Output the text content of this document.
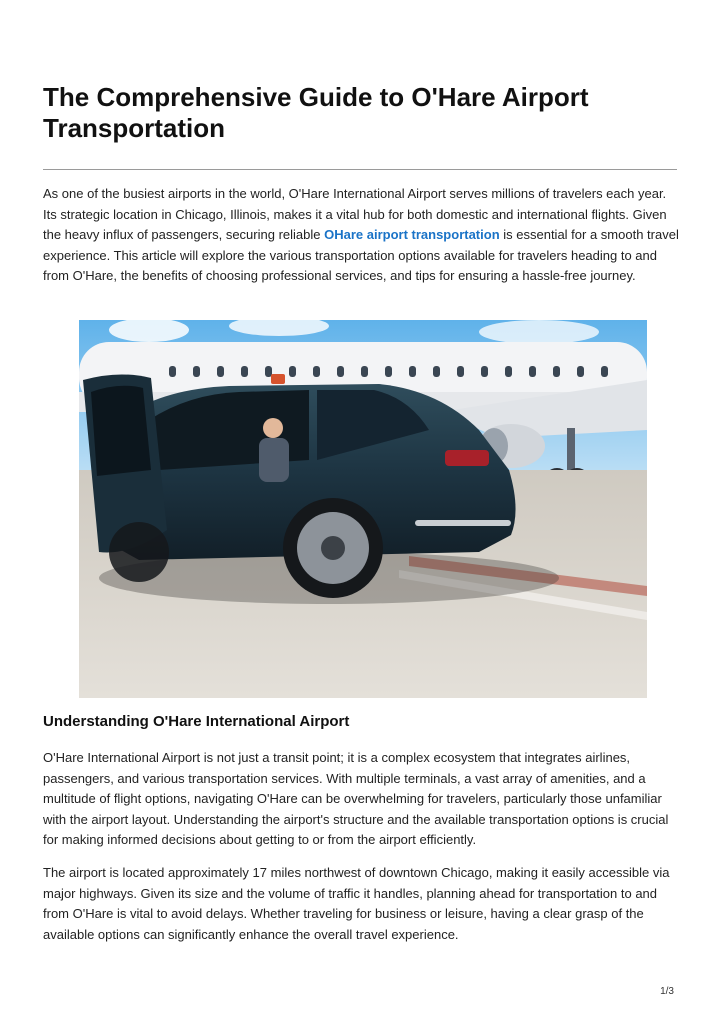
The Comprehensive Guide to O'Hare Airport Transportation

As one of the busiest airports in the world, O'Hare International Airport serves millions of travelers each year. Its strategic location in Chicago, Illinois, makes it a vital hub for both domestic and international flights. Given the heavy influx of passengers, securing reliable OHare airport transportation is essential for a smooth travel experience. This article will explore the various transportation options available for travelers heading to and from O'Hare, the benefits of choosing professional services, and tips for ensuring a hassle-free journey.

Understanding O'Hare International Airport

O'Hare International Airport is not just a transit point; it is a complex ecosystem that integrates airlines, passengers, and various transportation services. With multiple terminals, a vast array of amenities, and a multitude of flight options, navigating O'Hare can be overwhelming for travelers, particularly those unfamiliar with the airport layout. Understanding the airport's structure and the available transportation options is crucial for making informed decisions about getting to or from the airport efficiently.

The airport is located approximately 17 miles northwest of downtown Chicago, making it easily accessible via major highways. Given its size and the volume of traffic it handles, planning ahead for transportation to and from O'Hare is vital to avoid delays. Whether traveling for business or leisure, having a clear grasp of the available options can significantly enhance the overall travel experience.

1/3
